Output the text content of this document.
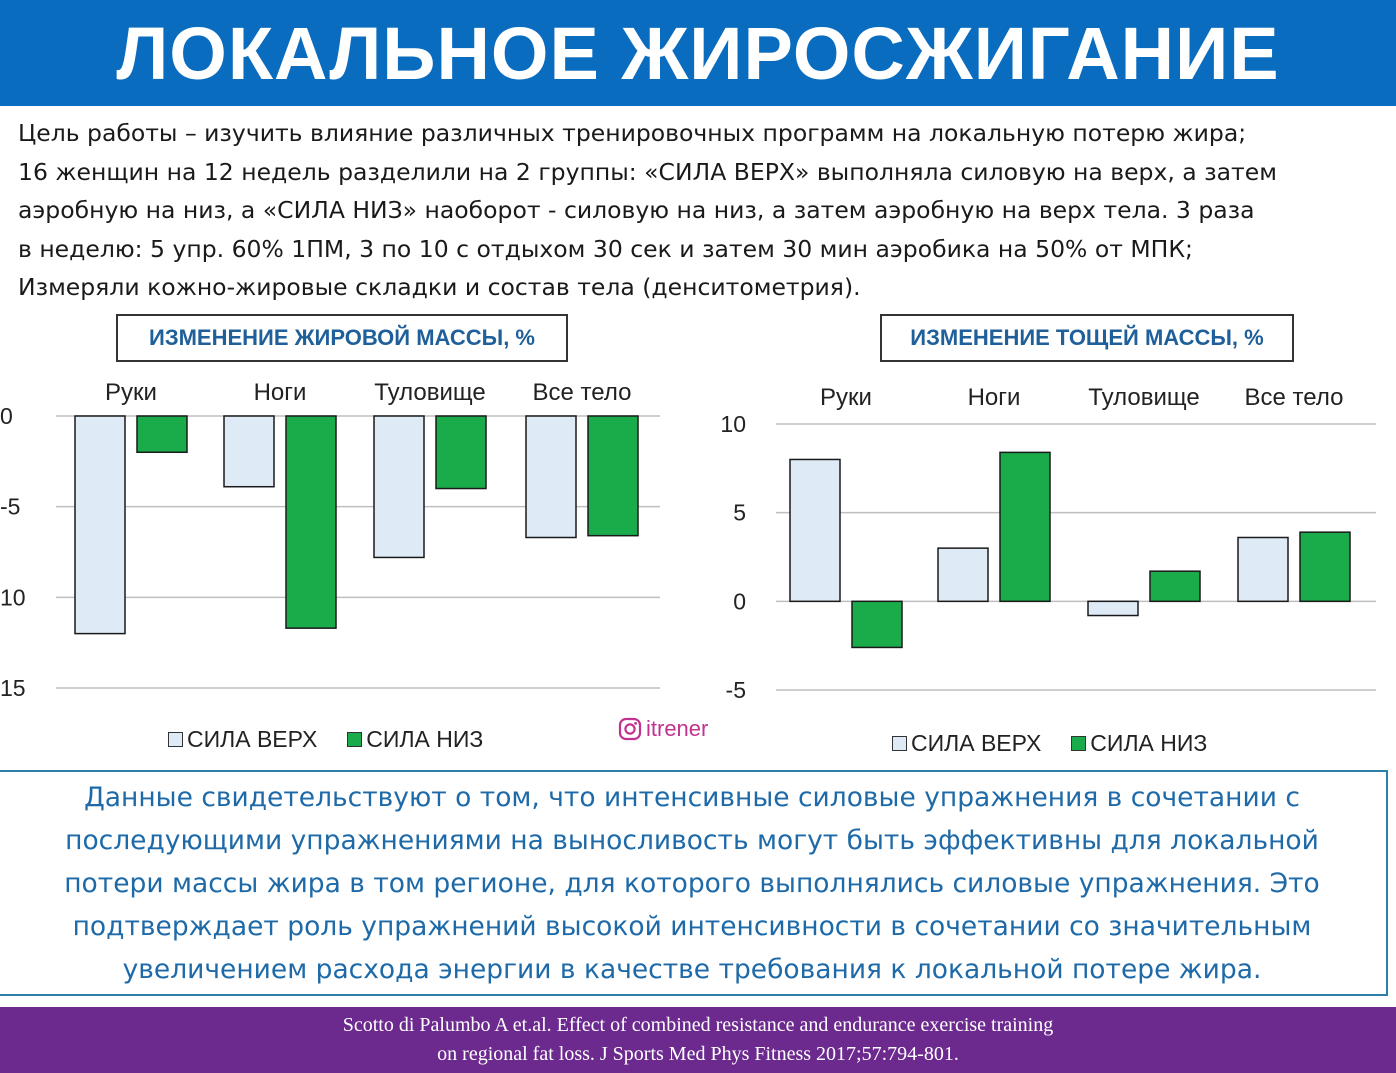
ЛОКАЛЬНОЕ ЖИРОСЖИГАНИЕ

Цель работы – изучить влияние различных тренировочных программ на локальную потерю жира;

16 женщин на 12 недель разделили на 2 группы: «СИЛА ВЕРХ» выполняла силовую на верх, а затем

аэробную на низ, а «СИЛА НИЗ» наоборот - силовую на низ, а затем аэробную на верх тела. 3 раза

в неделю: 5 упр. 60% 1ПМ, 3 по 10 с отдыхом 30 сек и затем 30 мин аэробика на 50% от МПК;

Измеряли кожно-жировые складки и состав тела (денситометрия).

ИЗМЕНЕНИЕ ЖИРОВОЙ МАССЫ, %
0
-5
10
15
Руки	Ноги	Туловище Все тело
СИЛА ВЕРХ СИЛА НИЗ	itrener
ИЗМЕНЕНИЕ ТОЩЕЙ МАССЫ, %
10
5
0
-5
Руки	Ноги	Туловище Все тело
СИЛА ВЕРХ СИЛА НИЗ

Данные свидетельствуют о том, что интенсивные силовые упражнения в сочетании с

последующими упражнениями на выносливость могут быть эффективны для локальной

потери массы жира в том регионе, для которого выполнялись силовые упражнения. Это

подтверждает роль упражнений высокой интенсивности в сочетании со значительным

увеличением расхода энергии в качестве требования к локальной потере жира.

Scotto di Palumbo A et.al. Effect of combined resistance and endurance exercise training

on regional fat loss. J Sports Med Phys Fitness 2017;57:794-801.
